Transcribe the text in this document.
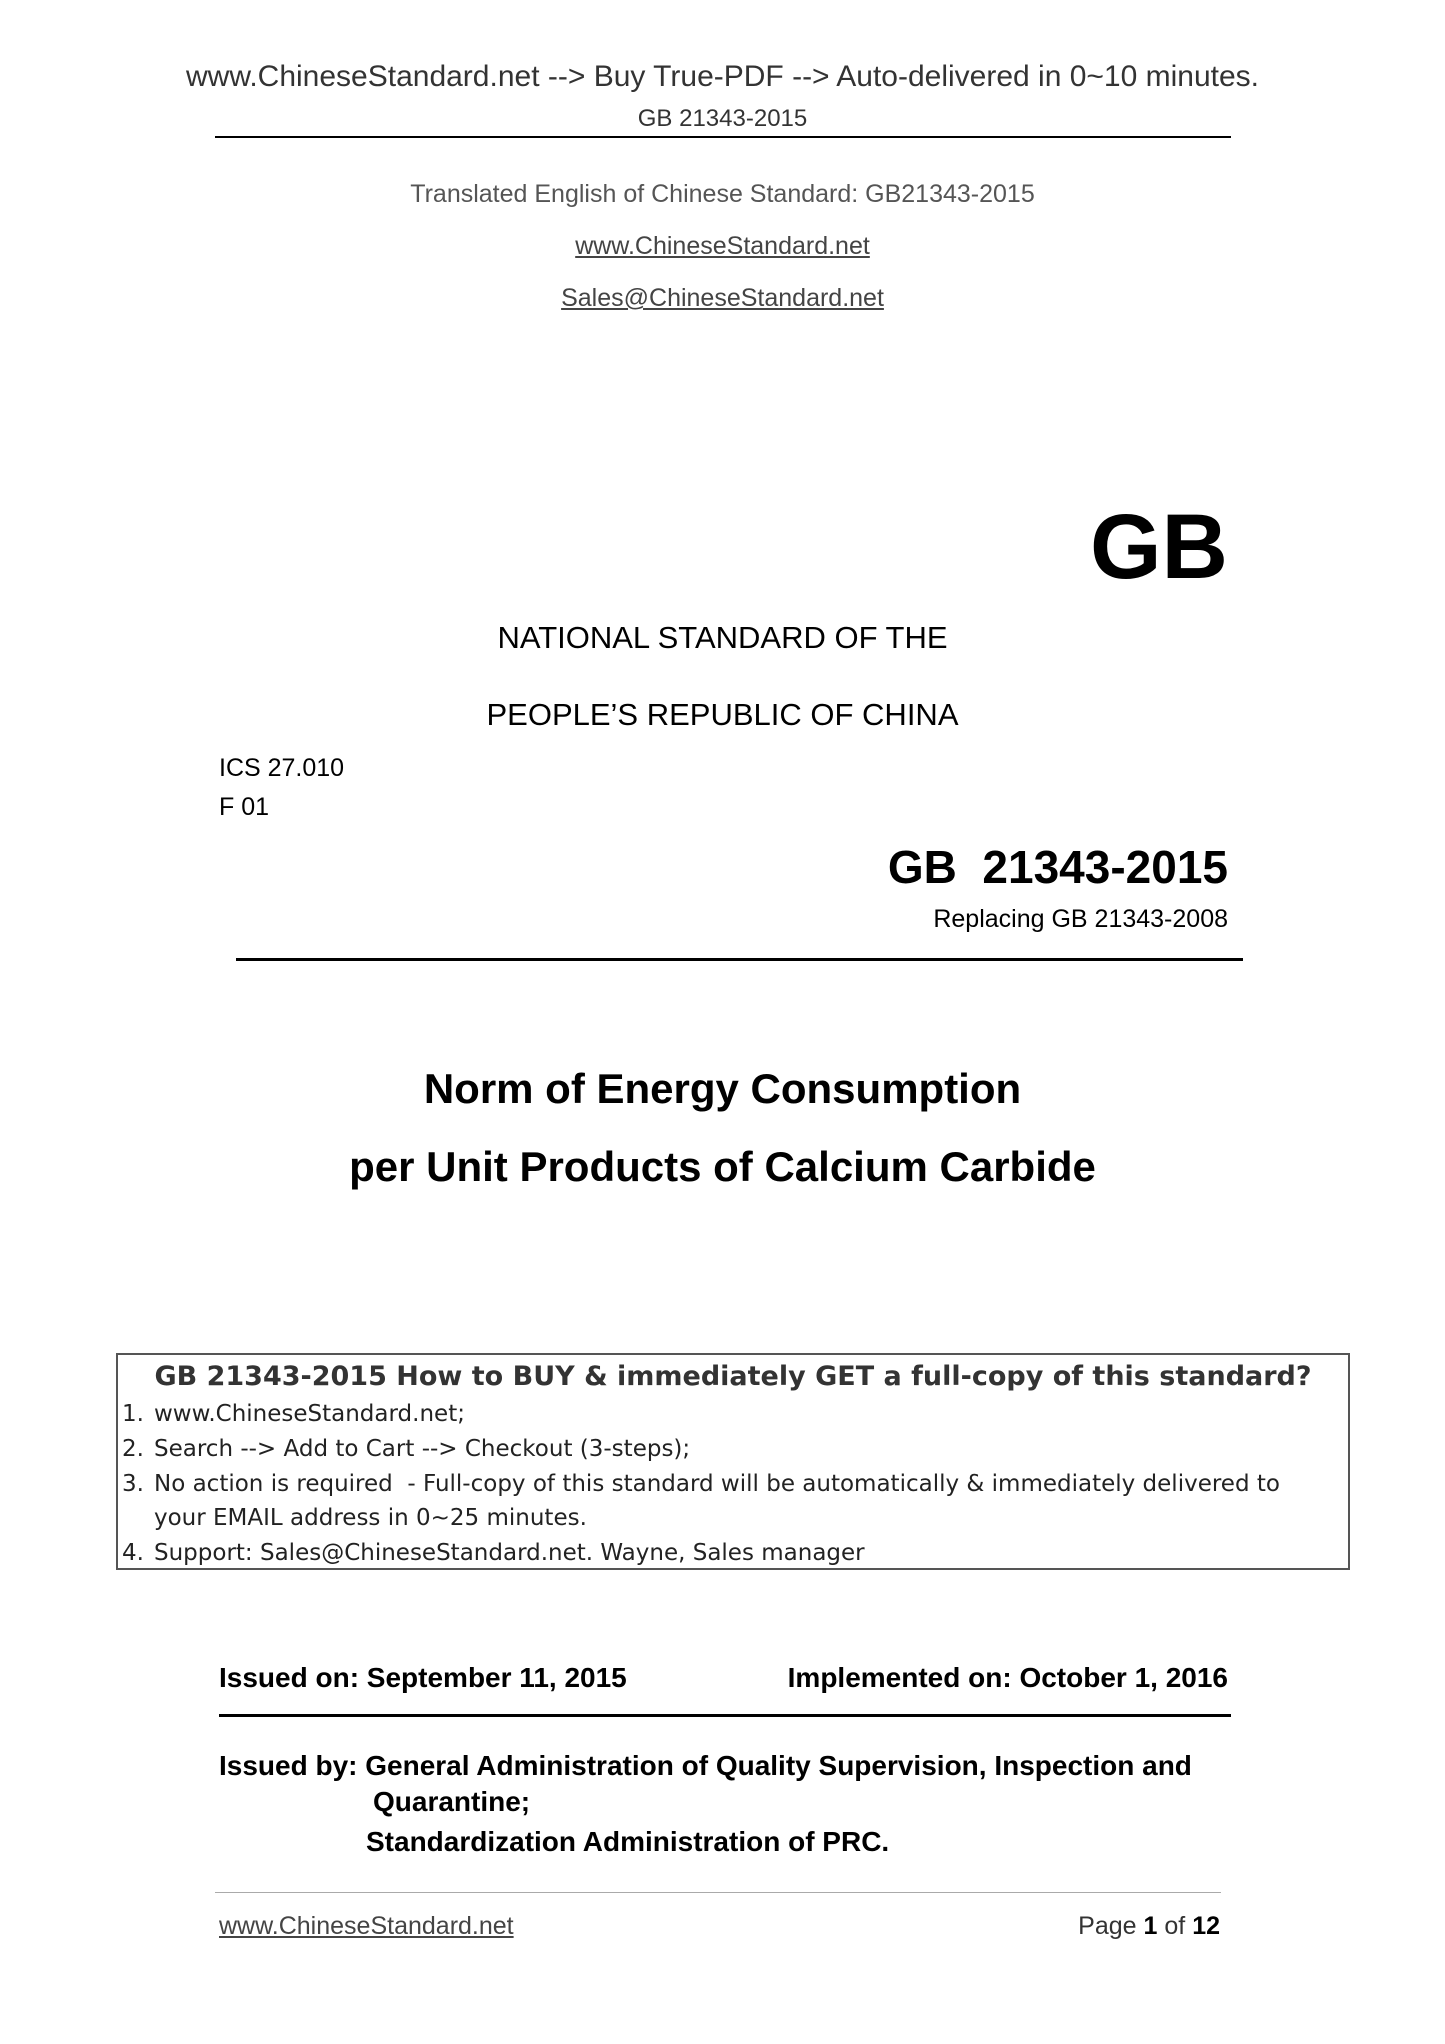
www.ChineseStandard.net --> Buy True-PDF --> Auto-delivered in 0~10 minutes.
GB 21343-2015
Translated English of Chinese Standard: GB21343-2015
www.ChineseStandard.net
Sales@ChineseStandard.net
GB
NATIONAL STANDARD OF THE
PEOPLE’S REPUBLIC OF CHINA
ICS 27.010
F 01
GB  21343-2015
Replacing GB 21343-2008
Norm of Energy Consumption
per Unit Products of Calcium Carbide
GB 21343-2015 How to BUY & immediately GET a full-copy of this standard?
1. www.ChineseStandard.net;
2. Search --> Add to Cart --> Checkout (3-steps);
3. No action is required  - Full-copy of this standard will be automatically & immediately delivered to
your EMAIL address in 0~25 minutes.
4. Support: Sales@ChineseStandard.net. Wayne, Sales manager
Issued on: September 11, 2015	Implemented on: October 1, 2016
Issued by: General Administration of Quality Supervision, Inspection and
Quarantine;
Standardization Administration of PRC.
www.ChineseStandard.net	Page 1 of 12
